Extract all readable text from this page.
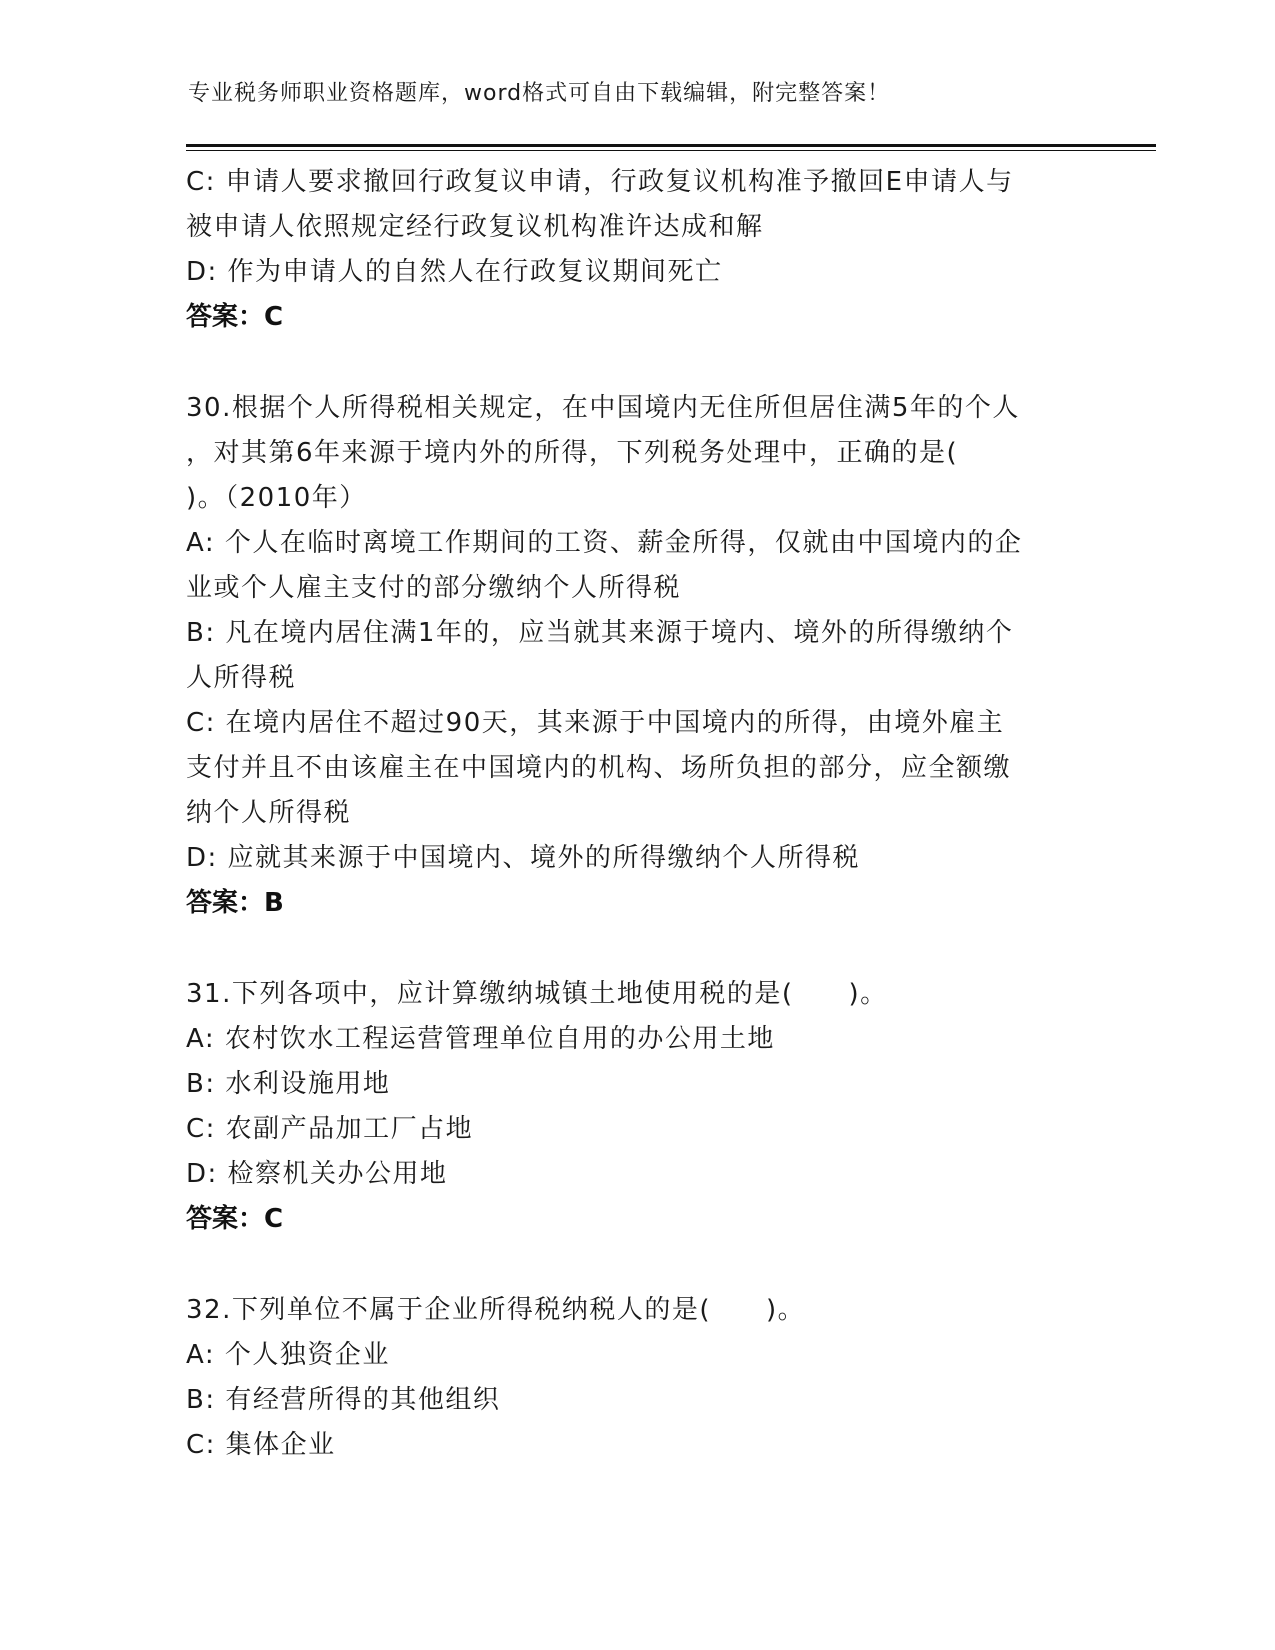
专业税务师职业资格题库，word格式可自由下载编辑，附完整答案！
C: 申请人要求撤回行政复议申请，行政复议机构准予撤回E申请人与
被申请人依照规定经行政复议机构准许达成和解
D: 作为申请人的自然人在行政复议期间死亡
答案：C
30.根据个人所得税相关规定，在中国境内无住所但居住满5年的个人
，对其第6年来源于境内外的所得，下列税务处理中，正确的是(
)。（2010年）
A: 个人在临时离境工作期间的工资、薪金所得，仅就由中国境内的企
业或个人雇主支付的部分缴纳个人所得税
B: 凡在境内居住满1年的，应当就其来源于境内、境外的所得缴纳个
人所得税
C: 在境内居住不超过90天，其来源于中国境内的所得，由境外雇主
支付并且不由该雇主在中国境内的机构、场所负担的部分，应全额缴
纳个人所得税
D: 应就其来源于中国境内、境外的所得缴纳个人所得税
答案：B
31.下列各项中，应计算缴纳城镇土地使用税的是(　　)。
A: 农村饮水工程运营管理单位自用的办公用土地
B: 水利设施用地
C: 农副产品加工厂占地
D: 检察机关办公用地
答案：C
32.下列单位不属于企业所得税纳税人的是(　　)。
A: 个人独资企业
B: 有经营所得的其他组织
C: 集体企业
